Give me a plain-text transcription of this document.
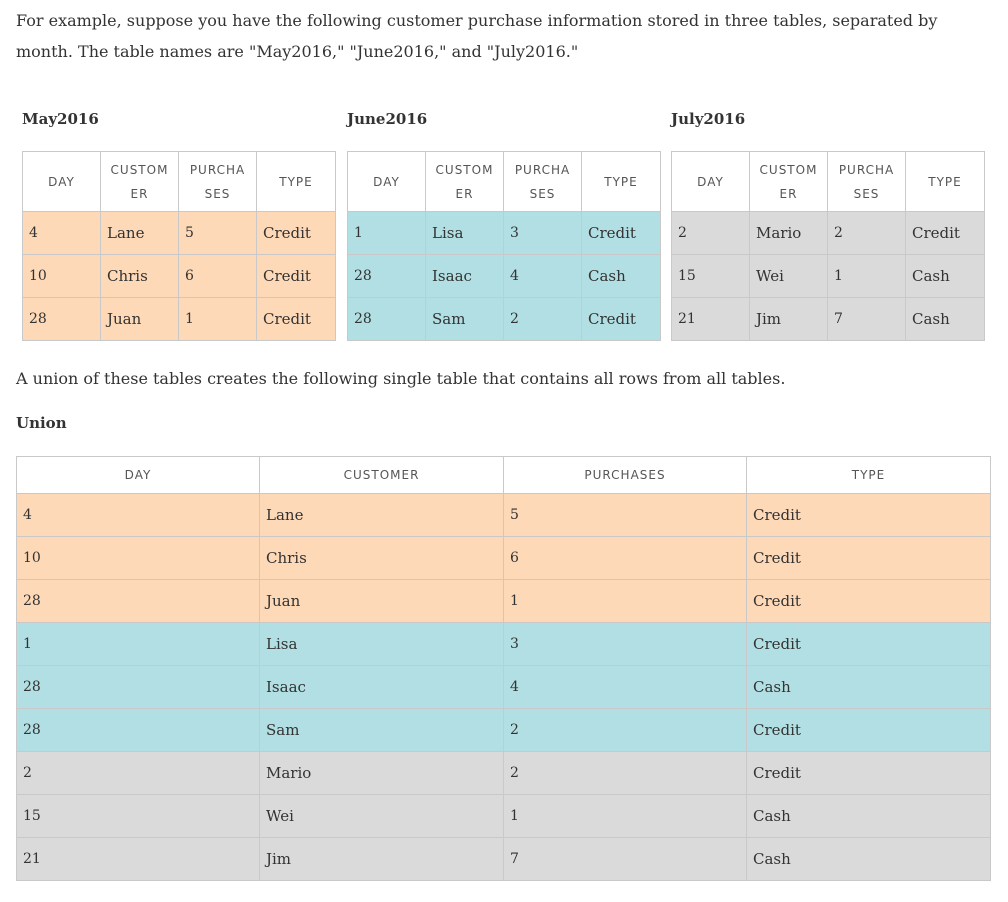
For example, suppose you have the following customer purchase information stored in three tables, separated by month. The table names are "May2016," "June2016," and "July2016."

May2016
DAY	CUSTOM ER	PURCHA SES	TYPE
4	Lane	5	Credit
10	Chris	6	Credit
28	Juan	1	Credit
June2016
DAY	CUSTOM ER	PURCHA SES	TYPE
1	Lisa	3	Credit
28	Isaac	4	Cash
28	Sam	2	Credit
July2016
DAY	CUSTOM ER	PURCHA SES	TYPE
2	Mario	2	Credit
15	Wei	1	Cash
21	Jim	7	Cash

A union of these tables creates the following single table that contains all rows from all tables.

Union
DAY	CUSTOMER	PURCHASES	TYPE
4	Lane	5	Credit
10	Chris	6	Credit
28	Juan	1	Credit
1	Lisa	3	Credit
28	Isaac	4	Cash
28	Sam	2	Credit
2	Mario	2	Credit
15	Wei	1	Cash
21	Jim	7	Cash
